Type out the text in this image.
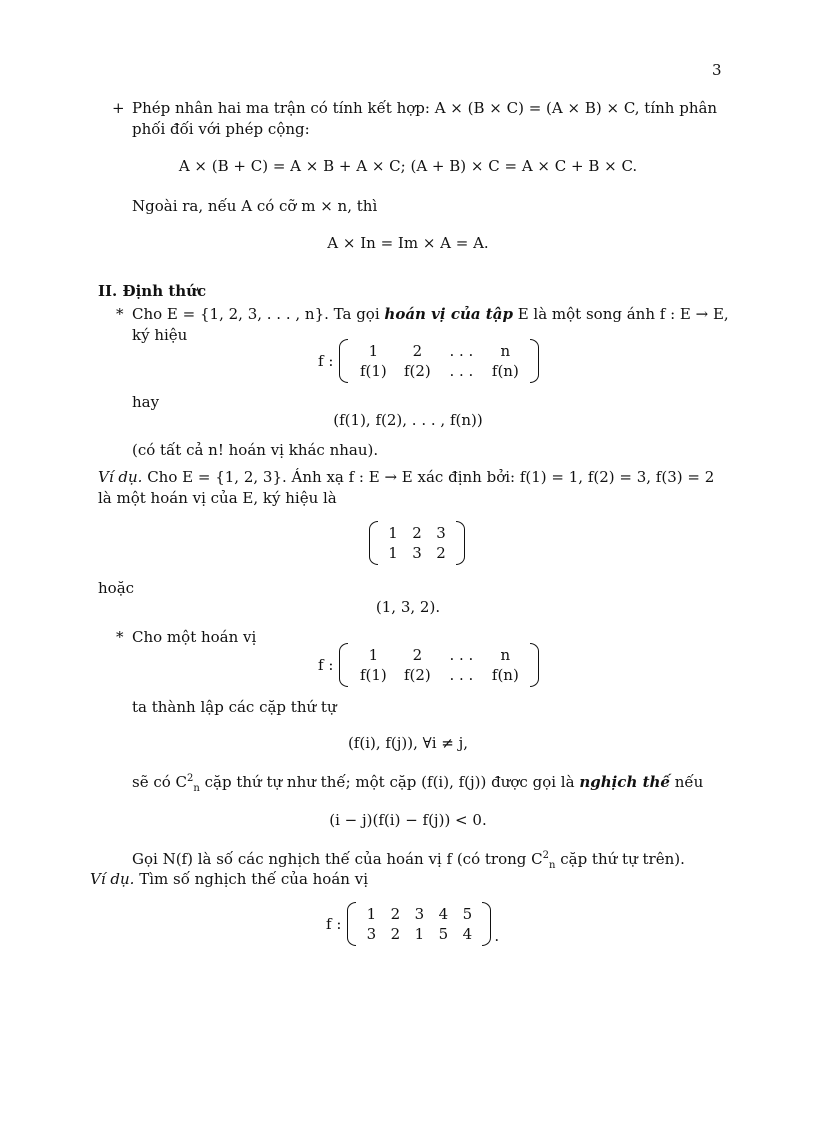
3
+ Phép nhân hai ma trận có tính kết hợp: A × (B × C) = (A × B) × C, tính phân
phối đối với phép cộng:
A × (B + C) = A × B + A × C; (A + B) × C = A × C + B × C.
Ngoài ra, nếu A có cỡ m × n, thì
A × In = Im × A = A.
II. Định thức
* Cho E = {1, 2, 3, . . . , n}. Ta gọi hoán vị của tập E là một song ánh f : E → E,
ký hiệu
f :
1	2	. . .	n
f(1)	f(2)	. . .	f(n)
hay
(f(1), f(2), . . . , f(n))
(có tất cả n! hoán vị khác nhau).
Ví dụ. Cho E = {1, 2, 3}. Ánh xạ f : E → E xác định bởi: f(1) = 1, f(2) = 3, f(3) = 2
là một hoán vị của E, ký hiệu là
1 2 3
1 3 2
hoặc
(1, 3, 2).
* Cho một hoán vị
f :
1	2	. . .	n
f(1)	f(2)	. . .	f(n)
ta thành lập các cặp thứ tự
(f(i), f(j)), ∀i ≠ j,
sẽ có $C^2_n$ cặp thứ tự như thế; một cặp (f(i), f(j)) được gọi là nghịch thế nếu
(i − j)(f(i) − f(j)) < 0.
Gọi N(f) là số các nghịch thế của hoán vị f (có trong $C^2_n$ cặp thứ tự trên).
Ví dụ. Tìm số nghịch thế của hoán vị
f :
1 2 3 4 5
3 2 1 5 4	.
